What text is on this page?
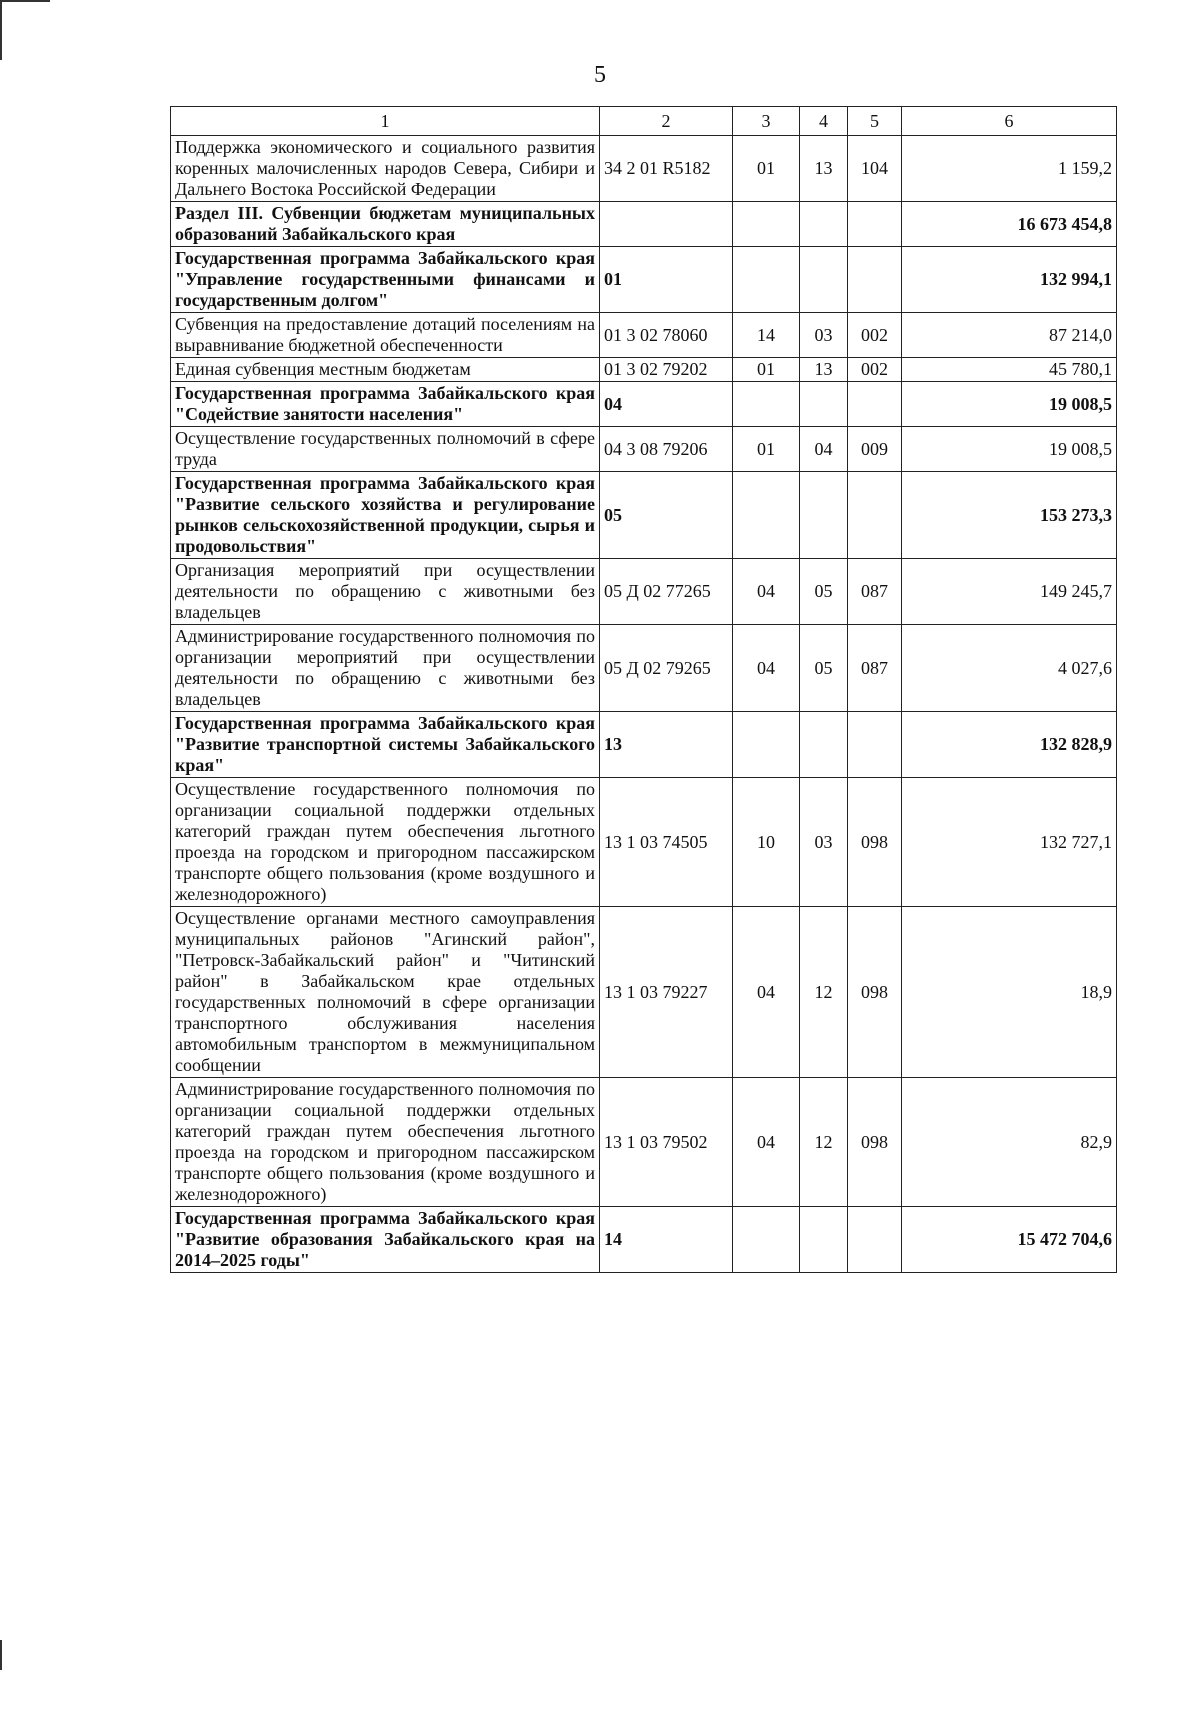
5
1	2	3	4	5	6
Поддержка экономического и социального развития коренных малочисленных народов Севера, Сибири и Дальнего Востока Российской Федерации	34 2 01 R5182	01	13	104	1 159,2
Раздел III. Субвенции бюджетам муниципальных образований Забайкальского края					16 673 454,8
Государственная программа Забайкальского края "Управление государственными финансами и государственным долгом"	01				132 994,1
Субвенция на предоставление дотаций поселениям на выравнивание бюджетной обеспеченности	01 3 02 78060	14	03	002	87 214,0
Единая субвенция местным бюджетам	01 3 02 79202	01	13	002	45 780,1
Государственная программа Забайкальского края "Содействие занятости населения"	04				19 008,5
Осуществление государственных полномочий в сфере труда	04 3 08 79206	01	04	009	19 008,5
Государственная программа Забайкальского края "Развитие сельского хозяйства и регулирование рынков сельскохозяйственной продукции, сырья и продовольствия"	05				153 273,3
Организация мероприятий при осуществлении деятельности по обращению с животными без владельцев	05 Д 02 77265	04	05	087	149 245,7
Администрирование государственного полномочия по организации мероприятий при осуществлении деятельности по обращению с животными без владельцев	05 Д 02 79265	04	05	087	4 027,6
Государственная программа Забайкальского края "Развитие транспортной системы Забайкальского края"	13				132 828,9
Осуществление государственного полномочия по организации социальной поддержки отдельных категорий граждан путем обеспечения льготного проезда на городском и пригородном пассажирском транспорте общего пользования (кроме воздушного и железнодорожного)	13 1 03 74505	10	03	098	132 727,1
Осуществление органами местного самоуправления муниципальных районов "Агинский район", "Петровск-Забайкальский район" и "Читинский район" в Забайкальском крае отдельных государственных полномочий в сфере организации транспортного обслуживания населения автомобильным транспортом в межмуниципальном сообщении	13 1 03 79227	04	12	098	18,9
Администрирование государственного полномочия по организации социальной поддержки отдельных категорий граждан путем обеспечения льготного проезда на городском и пригородном пассажирском транспорте общего пользования (кроме воздушного и железнодорожного)	13 1 03 79502	04	12	098	82,9
Государственная программа Забайкальского края "Развитие образования Забайкальского края на 2014–2025 годы"	14				15 472 704,6
